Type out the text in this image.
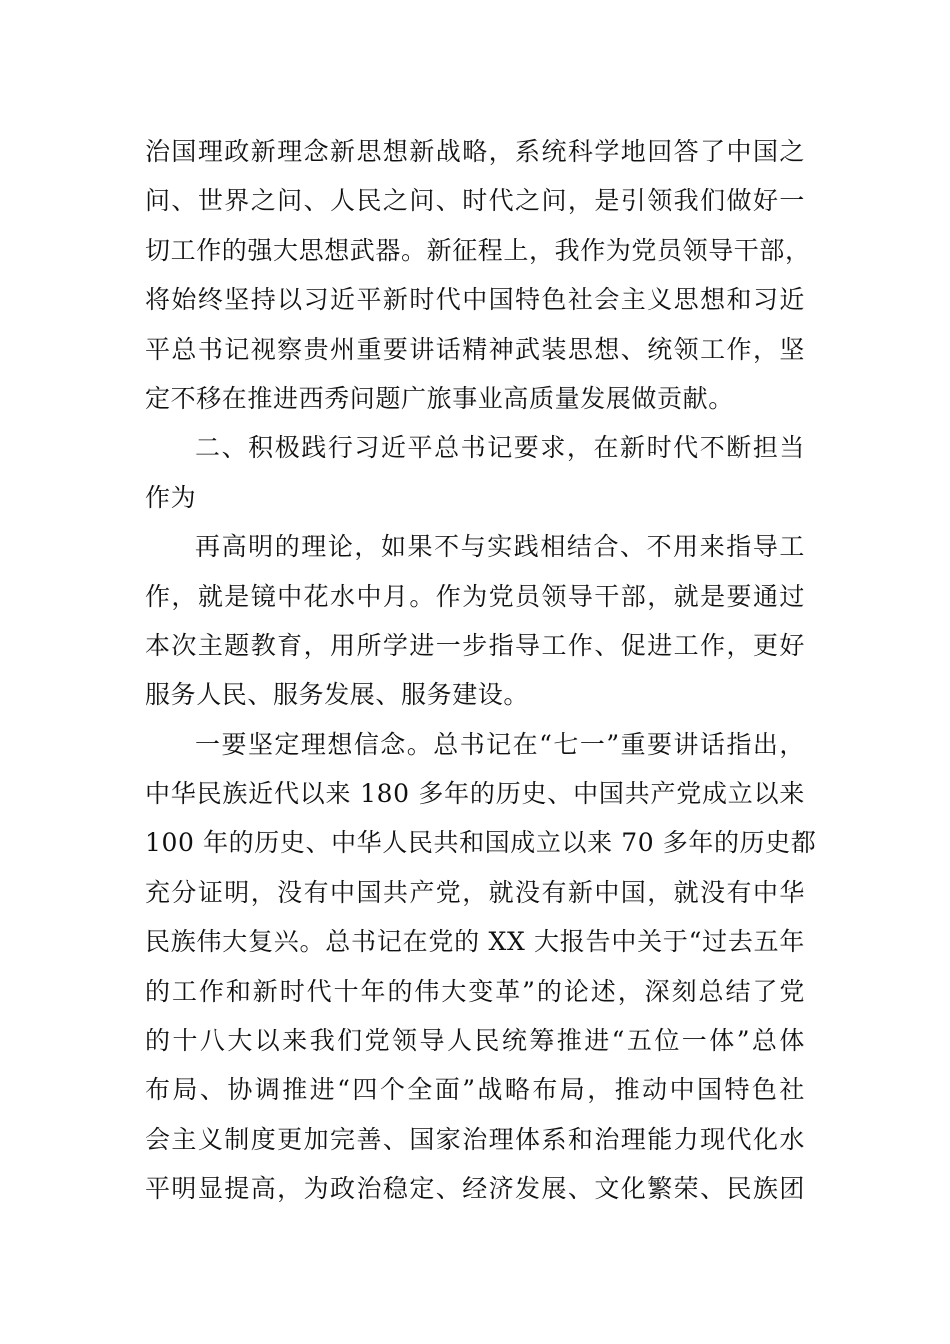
治国理政新理念新思想新战略，系统科学地回答了中国之
问、世界之问、人民之问、时代之问，是引领我们做好一
切工作的强大思想武器。新征程上，我作为党员领导干部，
将始终坚持以习近平新时代中国特色社会主义思想和习近
平总书记视察贵州重要讲话精神武装思想、统领工作，坚
定不移在推进西秀问题广旅事业高质量发展做贡献。
二、积极践行习近平总书记要求，在新时代不断担当
作为
再高明的理论，如果不与实践相结合、不用来指导工
作，就是镜中花水中月。作为党员领导干部，就是要通过
本次主题教育，用所学进一步指导工作、促进工作，更好
服务人民、服务发展、服务建设。
一要坚定理想信念。总书记在“七一”重要讲话指出，
中华民族近代以来 180 多年的历史、中国共产党成立以来
100 年的历史、中华人民共和国成立以来 70 多年的历史都
充分证明，没有中国共产党，就没有新中国，就没有中华
民族伟大复兴。总书记在党的 XX 大报告中关于“过去五年
的工作和新时代十年的伟大变革”的论述，深刻总结了党
的十八大以来我们党领导人民统筹推进“五位一体”总体
布局、协调推进“四个全面”战略布局，推动中国特色社
会主义制度更加完善、国家治理体系和治理能力现代化水
平明显提高，为政治稳定、经济发展、文化繁荣、民族团
